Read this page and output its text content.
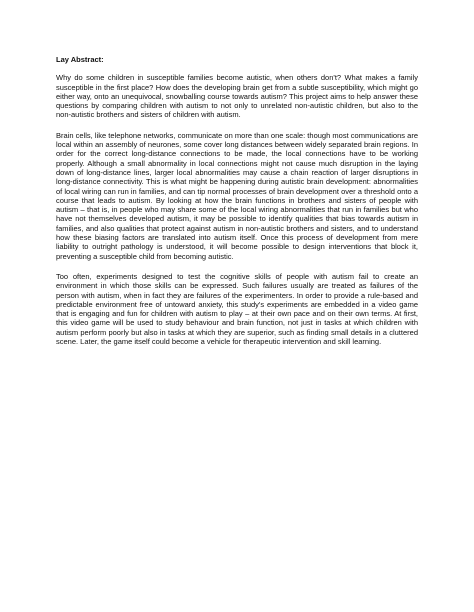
Lay Abstract:

Why do some children in susceptible families become autistic, when others don't? What makes a family susceptible in the first place? How does the developing brain get from a subtle susceptibility, which might go either way, onto an unequivocal, snowballing course towards autism? This project aims to help answer these questions by comparing children with autism to not only to unrelated non-autistic children, but also to the non-autistic brothers and sisters of children with autism.

Brain cells, like telephone networks, communicate on more than one scale: though most communications are local within an assembly of neurones, some cover long distances between widely separated brain regions. In order for the correct long-distance connections to be made, the local connections have to be working properly. Although a small abnormality in local connections might not cause much disruption in the laying down of long-distance lines, larger local abnormalities may cause a chain reaction of larger disruptions in long-distance connectivity. This is what might be happening during autistic brain development: abnormalities of local wiring can run in families, and can tip normal processes of brain development over a threshold onto a course that leads to autism. By looking at how the brain functions in brothers and sisters of people with autism – that is, in people who may share some of the local wiring abnormalities that run in families but who have not themselves developed autism, it may be possible to identify qualities that bias towards autism in families, and also qualities that protect against autism in non-autistic brothers and sisters, and to understand how these biasing factors are translated into autism itself. Once this process of development from mere liability to outright pathology is understood, it will become possible to design interventions that block it, preventing a susceptible child from becoming autistic.

Too often, experiments designed to test the cognitive skills of people with autism fail to create an environment in which those skills can be expressed. Such failures usually are treated as failures of the person with autism, when in fact they are failures of the experimenters. In order to provide a rule-based and predictable environment free of untoward anxiety, this study's experiments are embedded in a video game that is engaging and fun for children with autism to play – at their own pace and on their own terms. At first, this video game will be used to study behaviour and brain function, not just in tasks at which children with autism perform poorly but also in tasks at which they are superior, such as finding small details in a cluttered scene. Later, the game itself could become a vehicle for therapeutic intervention and skill learning.
